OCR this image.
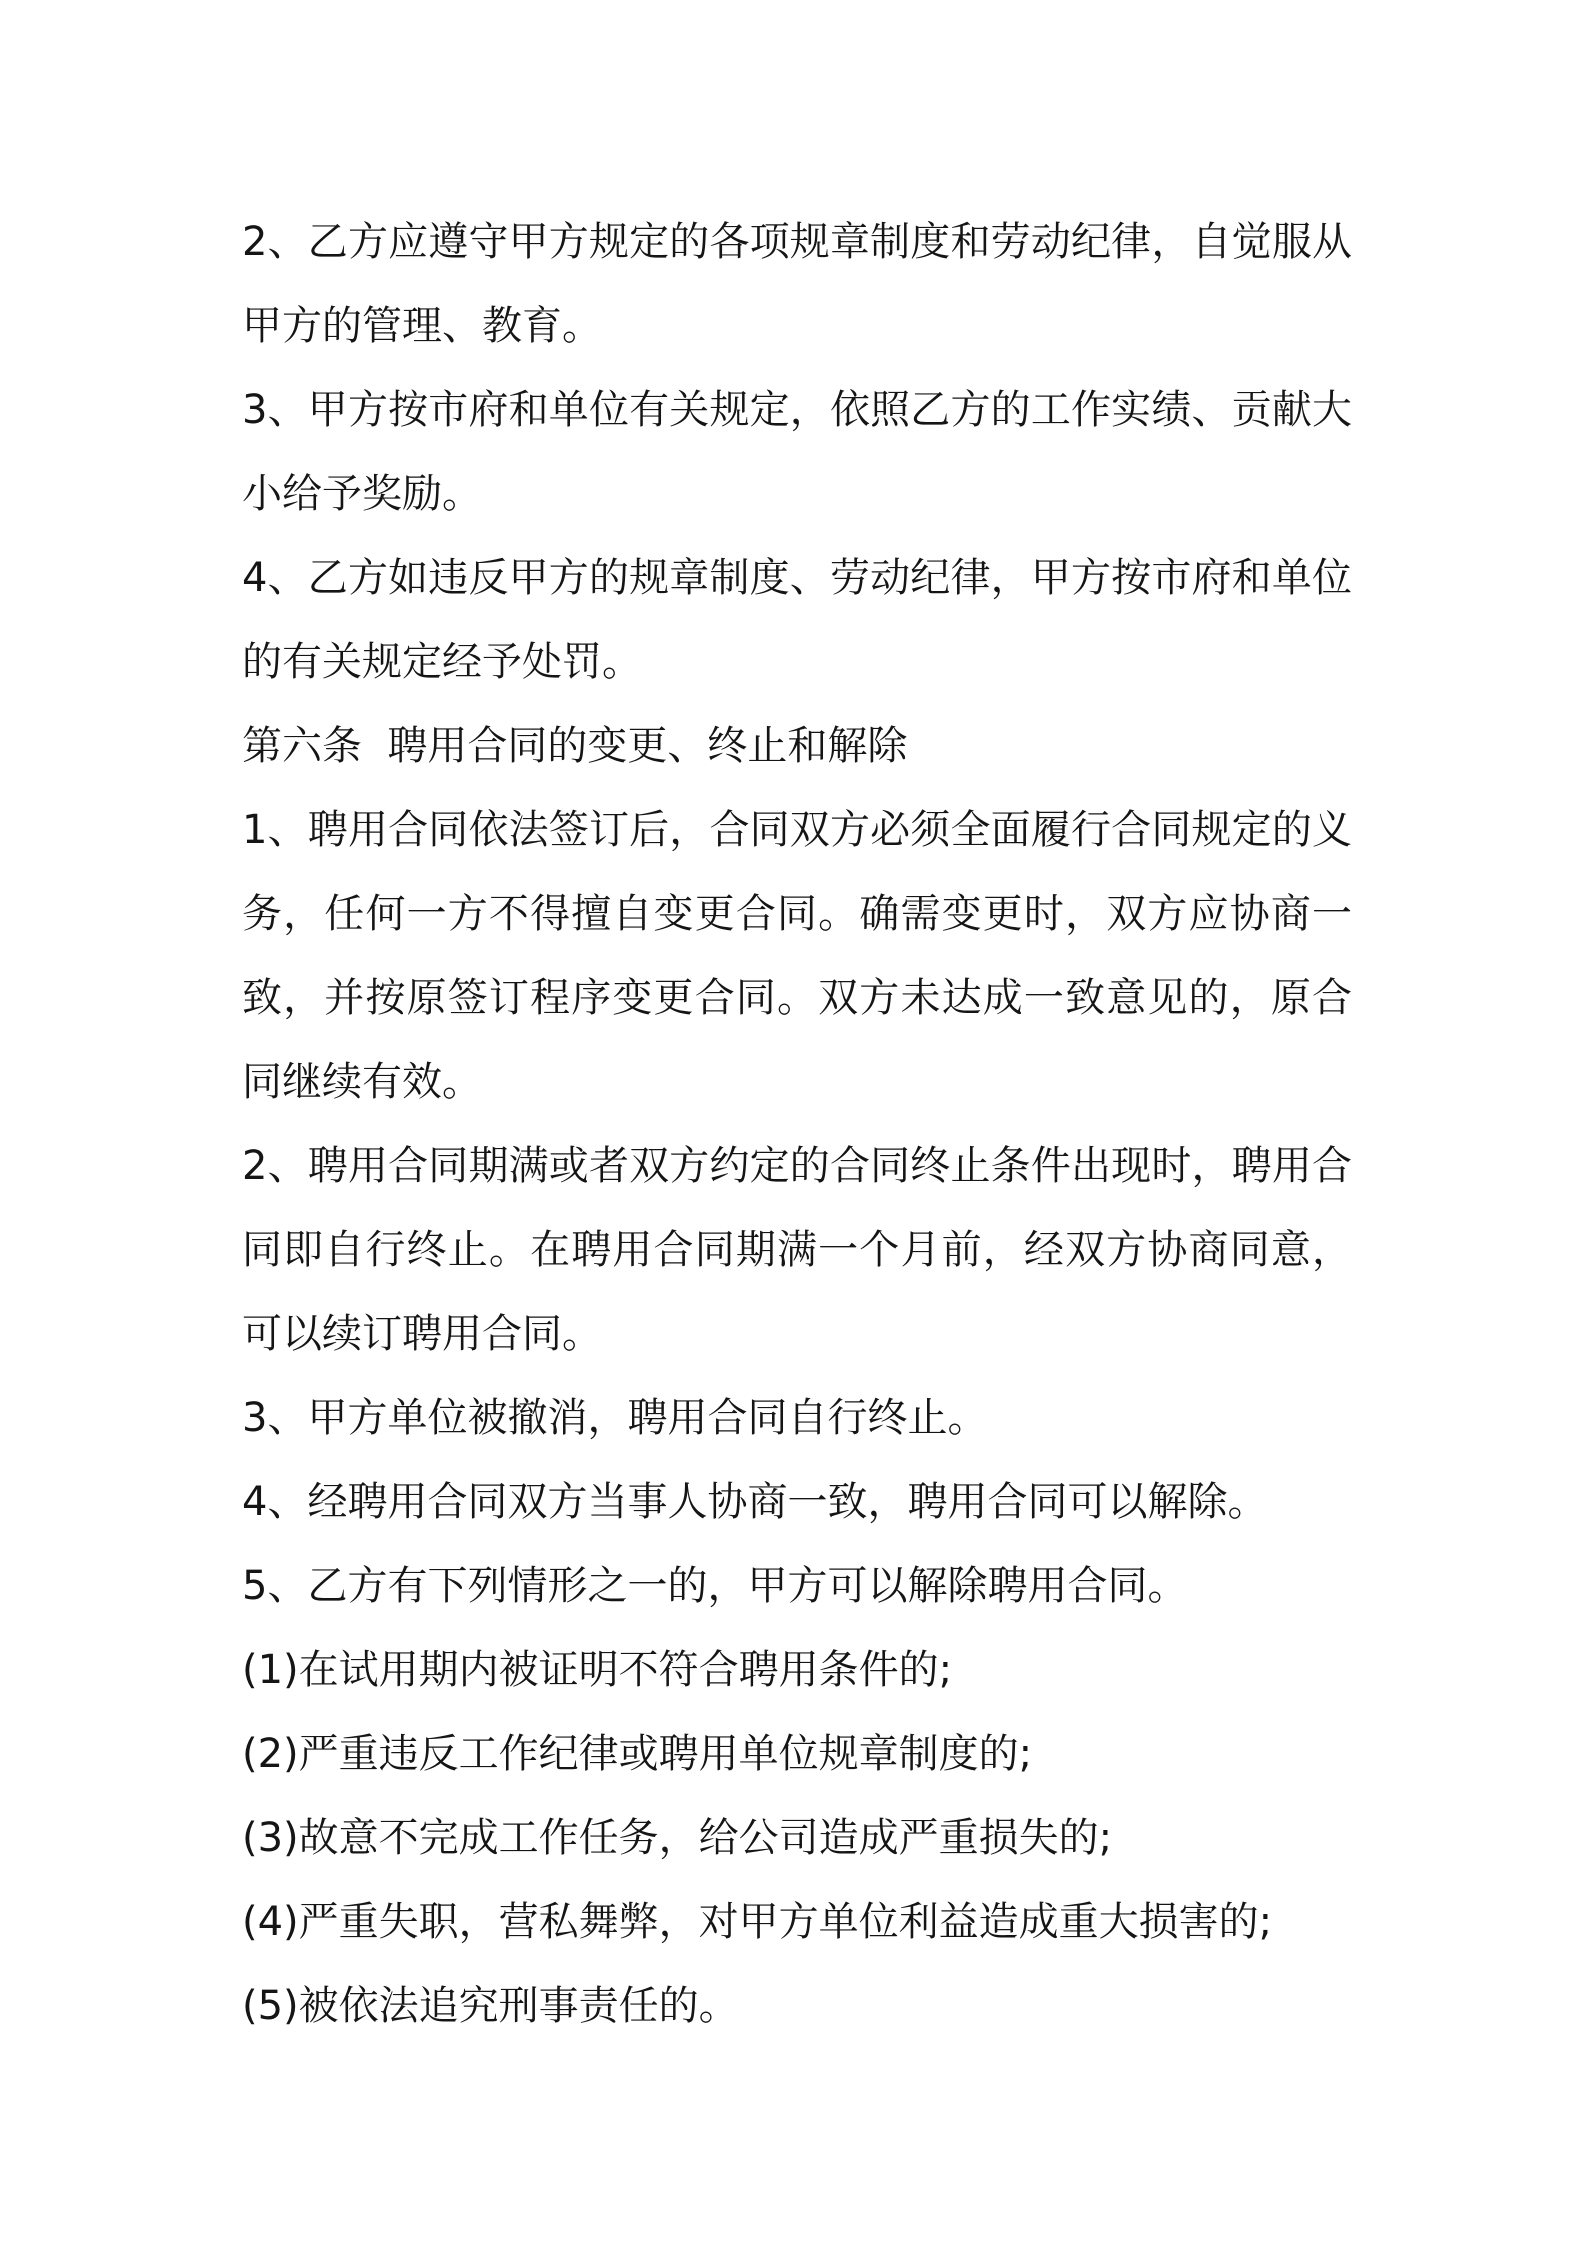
2、乙方应遵守甲方规定的各项规章制度和劳动纪律，自觉服从甲方的管理、教育。

3、甲方按市府和单位有关规定，依照乙方的工作实绩、贡献大小给予奖励。

4、乙方如违反甲方的规章制度、劳动纪律，甲方按市府和单位的有关规定经予处罚。

第六条  聘用合同的变更、终止和解除

1、聘用合同依法签订后，合同双方必须全面履行合同规定的义务，任何一方不得擅自变更合同。确需变更时，双方应协商一致，并按原签订程序变更合同。双方未达成一致意见的，原合同继续有效。

2、聘用合同期满或者双方约定的合同终止条件出现时，聘用合同即自行终止。在聘用合同期满一个月前，经双方协商同意，可以续订聘用合同。

3、甲方单位被撤消，聘用合同自行终止。

4、经聘用合同双方当事人协商一致，聘用合同可以解除。

5、乙方有下列情形之一的，甲方可以解除聘用合同。

(1)在试用期内被证明不符合聘用条件的;

(2)严重违反工作纪律或聘用单位规章制度的;

(3)故意不完成工作任务，给公司造成严重损失的;

(4)严重失职，营私舞弊，对甲方单位利益造成重大损害的;

(5)被依法追究刑事责任的。
